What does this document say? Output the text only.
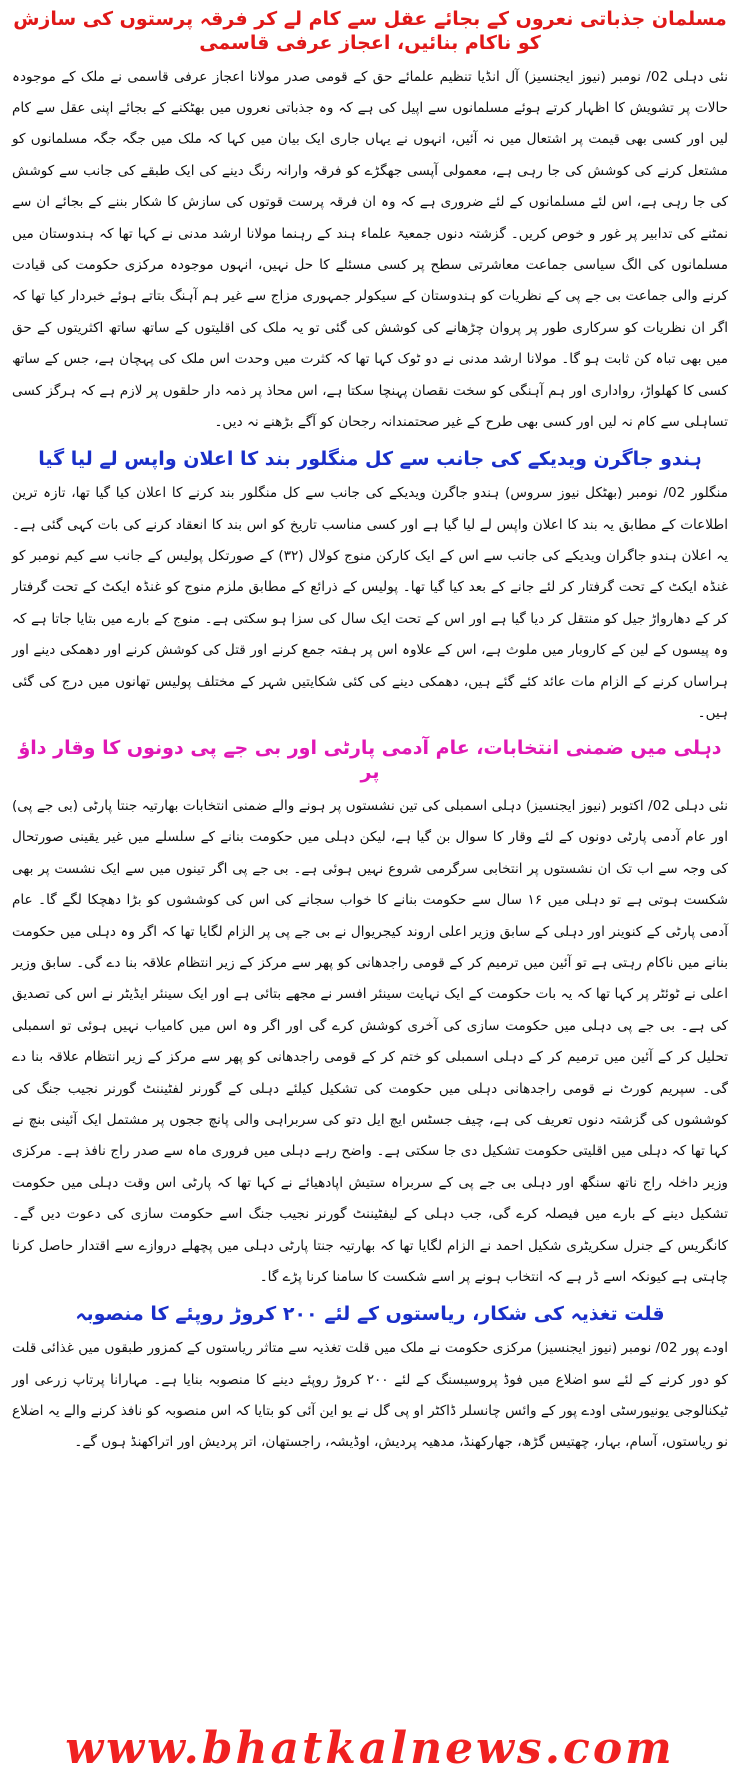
مسلمان جذباتی نعروں کے بجائے عقل سے کام لے کر فرقہ پرستوں کی سازش کو ناکام بنائیں، اعجاز عرفی قاسمی

نئی دہلی 02/ نومبر (نیوز ایجنسیز) آل انڈیا تنظیم علمائے حق کے قومی صدر مولانا اعجاز عرفی قاسمی نے ملک کے موجودہ حالات پر تشویش کا اظہار کرتے ہوئے مسلمانوں سے اپیل کی ہے کہ وہ جذباتی نعروں میں بھٹکنے کے بجائے اپنی عقل سے کام لیں اور کسی بھی قیمت پر اشتعال میں نہ آئیں، انہوں نے یہاں جاری ایک بیان میں کہا کہ ملک میں جگہ جگہ مسلمانوں کو مشتعل کرنے کی کوشش کی جا رہی ہے، معمولی آپسی جھگڑے کو فرقہ وارانہ رنگ دینے کی ایک طبقے کی جانب سے کوشش کی جا رہی ہے، اس لئے مسلمانوں کے لئے ضروری ہے کہ وہ ان فرقہ پرست قوتوں کی سازش کا شکار بننے کے بجائے ان سے نمٹنے کی تدابیر پر غور و خوص کریں۔ گزشتہ دنوں جمعیۃ علماء ہند کے رہنما مولانا ارشد مدنی نے کہا تھا کہ ہندوستان میں مسلمانوں کی الگ سیاسی جماعت معاشرتی سطح پر کسی مسئلے کا حل نہیں، انہوں موجودہ مرکزی حکومت کی قیادت کرنے والی جماعت بی جے پی کے نظریات کو ہندوستان کے سیکولر جمہوری مزاج سے غیر ہم آہنگ بتاتے ہوئے خبردار کیا تھا کہ اگر ان نظریات کو سرکاری طور پر پروان چڑھانے کی کوشش کی گئی تو یہ ملک کی اقلیتوں کے ساتھ ساتھ اکثریتوں کے حق میں بھی تباہ کن ثابت ہو گا۔ مولانا ارشد مدنی نے دو ٹوک کہا تھا کہ کثرت میں وحدت اس ملک کی پہچان ہے، جس کے ساتھ کسی کا کھلواڑ، رواداری اور ہم آہنگی کو سخت نقصان پہنچا سکتا ہے، اس محاذ پر ذمہ دار حلقوں پر لازم ہے کہ ہرگز کسی تساہلی سے کام نہ لیں اور کسی بھی طرح کے غیر صحتمندانہ رجحان کو آگے بڑھنے نہ دیں۔

ہندو جاگرن ویدیکے کی جانب سے کل منگلور بند کا اعلان واپس لے لیا گیا

منگلور 02/ نومبر (بھٹکل نیوز سروس) ہندو جاگرن ویدیکے کی جانب سے کل منگلور بند کرنے کا اعلان کیا گیا تھا، تازہ ترین اطلاعات کے مطابق یہ بند کا اعلان واپس لے لیا گیا ہے اور کسی مناسب تاریخ کو اس بند کا انعقاد کرنے کی بات کہی گئی ہے۔ یہ اعلان ہندو جاگران ویدیکے کی جانب سے اس کے ایک کارکن منوج کولال (۳۲) کے صورتکل پولیس کے جانب سے کیم نومبر کو غنڈہ ایکٹ کے تحت گرفتار کر لئے جانے کے بعد کیا گیا تھا۔ پولیس کے ذرائع کے مطابق ملزم منوج کو غنڈہ ایکٹ کے تحت گرفتار کر کے دھارواڑ جیل کو منتقل کر دیا گیا ہے اور اس کے تحت ایک سال کی سزا ہو سکتی ہے۔ منوج کے بارے میں بتایا جاتا ہے کہ وہ پیسوں کے لین کے کاروبار میں ملوث ہے، اس کے علاوہ اس پر ہفتہ جمع کرنے اور قتل کی کوشش کرنے اور دھمکی دینے اور ہراساں کرنے کے الزام مات عائد کئے گئے ہیں، دھمکی دینے کی کئی شکایتیں شہر کے مختلف پولیس تھانوں میں درج کی گئی ہیں۔

دہلی میں ضمنی انتخابات، عام آدمی پارٹی اور بی جے پی دونوں کا وقار داؤ پر

نئی دہلی 02/ اکتوبر (نیوز ایجنسیز) دہلی اسمبلی کی تین نشستوں پر ہونے والے ضمنی انتخابات بھارتیہ جنتا پارٹی (بی جے پی) اور عام آدمی پارٹی دونوں کے لئے وقار کا سوال بن گیا ہے، لیکن دہلی میں حکومت بنانے کے سلسلے میں غیر یقینی صورتحال کی وجہ سے اب تک ان نشستوں پر انتخابی سرگرمی شروع نہیں ہوئی ہے۔ بی جے پی اگر تینوں میں سے ایک نشست پر بھی شکست ہوتی ہے تو دہلی میں ۱۶ سال سے حکومت بنانے کا خواب سجانے کی اس کی کوششوں کو بڑا دھچکا لگے گا۔ عام آدمی پارٹی کے کنوینر اور دہلی کے سابق وزیر اعلی اروند کیجریوال نے بی جے پی پر الزام لگایا تھا کہ اگر وہ دہلی میں حکومت بنانے میں ناکام رہتی ہے تو آئین میں ترمیم کر کے قومی راجدھانی کو پھر سے مرکز کے زیر انتظام علاقہ بنا دے گی۔ سابق وزیر اعلی نے ٹوئٹر پر کہا تھا کہ یہ بات حکومت کے ایک نہایت سینئر افسر نے مجھے بتائی ہے اور ایک سینئر ایڈیٹر نے اس کی تصدیق کی ہے۔ بی جے پی دہلی میں حکومت سازی کی آخری کوشش کرے گی اور اگر وہ اس میں کامیاب نہیں ہوئی تو اسمبلی تحلیل کر کے آئین میں ترمیم کر کے دہلی اسمبلی کو ختم کر کے قومی راجدھانی کو پھر سے مرکز کے زیر انتظام علاقہ بنا دے گی۔ سپریم کورٹ نے قومی راجدھانی دہلی میں حکومت کی تشکیل کیلئے دہلی کے گورنر لفٹیننٹ گورنر نجیب جنگ کی کوششوں کی گزشتہ دنوں تعریف کی ہے، چیف جسٹس ایچ ایل دتو کی سربراہی والی پانچ ججوں پر مشتمل ایک آئینی بنچ نے کہا تھا کہ دہلی میں اقلیتی حکومت تشکیل دی جا سکتی ہے۔ واضح رہے دہلی میں فروری ماہ سے صدر راج نافذ ہے۔ مرکزی وزیر داخلہ راج ناتھ سنگھ اور دہلی بی جے پی کے سربراہ ستیش اپادھیائے نے کہا تھا کہ پارٹی اس وقت دہلی میں حکومت تشکیل دینے کے بارے میں فیصلہ کرے گی، جب دہلی کے لیفٹیننٹ گورنر نجیب جنگ اسے حکومت سازی کی دعوت دیں گے۔ کانگریس کے جنرل سکریٹری شکیل احمد نے الزام لگایا تھا کہ بھارتیہ جنتا پارٹی دہلی میں پچھلے دروازے سے اقتدار حاصل کرنا چاہتی ہے کیونکہ اسے ڈر ہے کہ انتخاب ہونے پر اسے شکست کا سامنا کرنا پڑے گا۔

قلت تغذیہ کی شکار، ریاستوں کے لئے ۲۰۰ کروڑ روپئے کا منصوبہ

اودے پور 02/ نومبر (نیوز ایجنسیز) مرکزی حکومت نے ملک میں قلت تغذیہ سے متاثر ریاستوں کے کمزور طبقوں میں غذائی قلت کو دور کرنے کے لئے سو اضلاع میں فوڈ پروسیسنگ کے لئے ۲۰۰ کروڑ روپئے دینے کا منصوبہ بنایا ہے۔ مہارانا پرتاپ زرعی اور ٹیکنالوجی یونیورسٹی اودے پور کے وائس چانسلر ڈاکٹر او پی گل نے یو این آئی کو بتایا کہ اس منصوبہ کو نافذ کرنے والے یہ اضلاع نو ریاستوں، آسام، بہار، چھتیس گڑھ، جھارکھنڈ، مدھیہ پردیش، اوڈیشہ، راجستھان، اتر پردیش اور اتراکھنڈ ہوں گے۔

www.bhatkalnews.com
